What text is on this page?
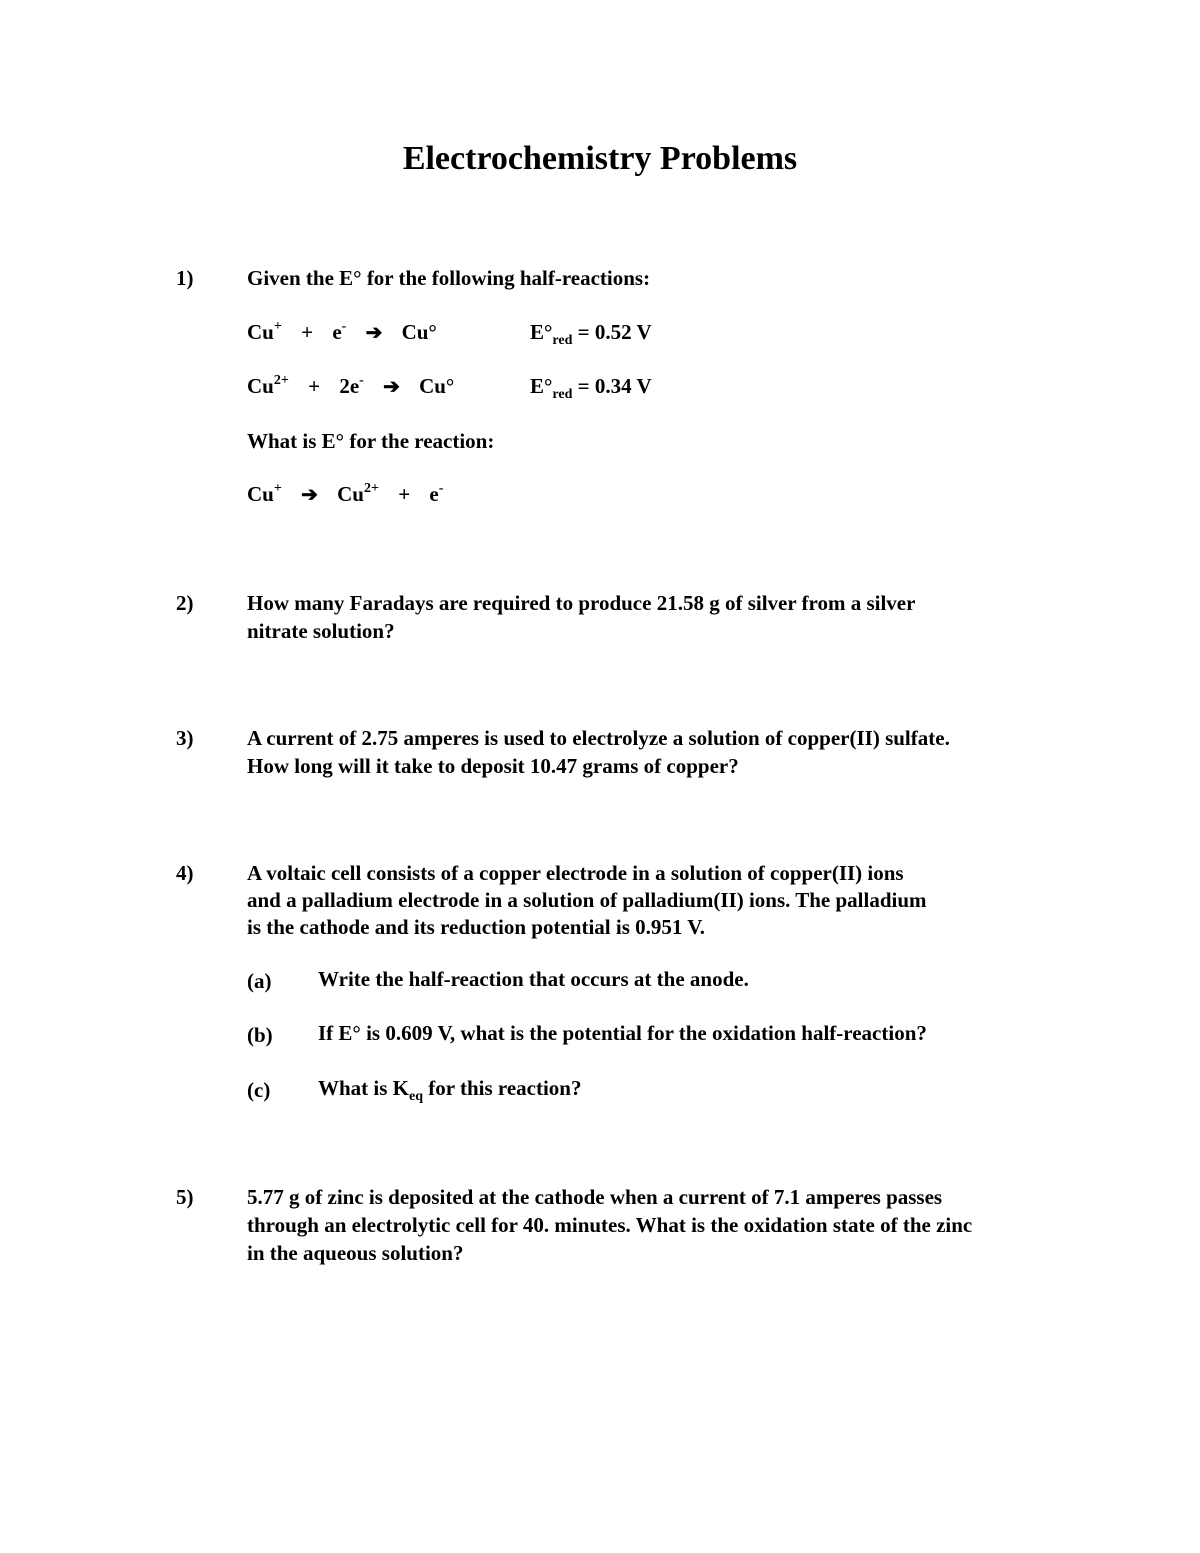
Electrochemistry Problems
1)	Given the E° for the following half-reactions:
Cu+ + e- ➔ Cu°	$E^\circ_{red} = 0.52$ V
$Cu^{2+} + 2e^-$ ➔ Cu°	$E^\circ_{red} = 0.34$ V
What is E° for the reaction:
Cu+ ➔ $Cu^{2+} + e^-$
2)	How many Faradays are required to produce 21.58 g of silver from a silver
nitrate solution?
3)	A current of 2.75 amperes is used to electrolyze a solution of copper(II) sulfate.
How long will it take to deposit 10.47 grams of copper?
4)	A voltaic cell consists of a copper electrode in a solution of copper(II) ions
and a palladium electrode in a solution of palladium(II) ions. The palladium
is the cathode and its reduction potential is 0.951 V.
(a) Write the half-reaction that occurs at the anode.
(b) If E° is 0.609 V, what is the potential for the oxidation half-reaction?
(c) What is $K_{eq}$ for this reaction?
5)	5.77 g of zinc is deposited at the cathode when a current of 7.1 amperes passes
through an electrolytic cell for 40. minutes. What is the oxidation state of the zinc
in the aqueous solution?
